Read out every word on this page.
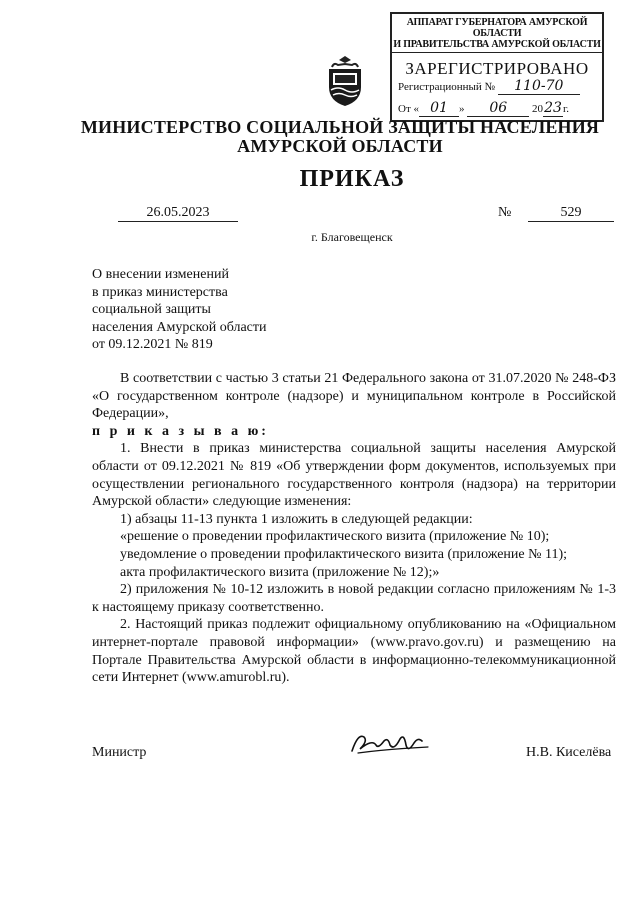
АППАРАТ ГУБЕРНАТОРА АМУРСКОЙ ОБЛАСТИ
И ПРАВИТЕЛЬСТВА АМУРСКОЙ ОБЛАСТИ
ЗАРЕГИСТРИРОВАНО
Регистрационный № 110-70
От « 01 » 06 2023г.
МИНИСТЕРСТВО СОЦИАЛЬНОЙ ЗАЩИТЫ НАСЕЛЕНИЯ
АМУРСКОЙ ОБЛАСТИ
ПРИКАЗ
26.05.2023	№	529
г. Благовещенск
О внесении изменений
в приказ министерства
социальной защиты
населения Амурской области
от 09.12.2021 № 819

В соответствии с частью 3 статьи 21 Федерального закона от 31.07.2020 № 248-ФЗ «О государственном контроле (надзоре) и муниципальном контроле в Российской Федерации»,

п р и к а з ы в а ю:

1. Внести в приказ министерства социальной защиты населения Амурской области от 09.12.2021 № 819 «Об утверждении форм документов, используемых при осуществлении регионального государственного контроля (надзора) на территории Амурской области» следующие изменения:

1) абзацы 11-13 пункта 1 изложить в следующей редакции:

«решение о проведении профилактического визита (приложение № 10);

уведомление о проведении профилактического визита (приложение № 11);

акта профилактического визита (приложение № 12);»

2) приложения № 10-12 изложить в новой редакции согласно приложениям № 1-3 к настоящему приказу соответственно.

2. Настоящий приказ подлежит официальному опубликованию на «Официальном интернет-портале правовой информации» (www.pravo.gov.ru) и размещению на Портале Правительства Амурской области в информационно-телекоммуникационной сети Интернет (www.amurobl.ru).

Министр	Н.В. Киселёва
